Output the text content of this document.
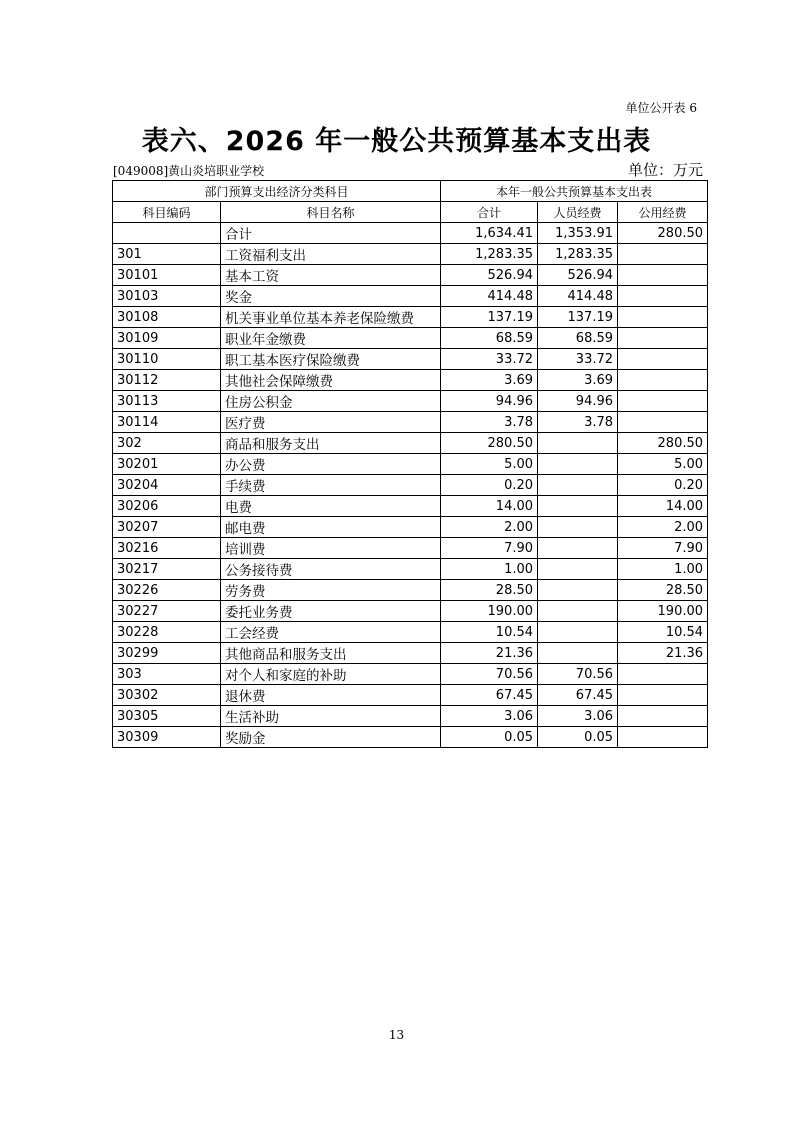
单位公开表 6
表六、2026 年一般公共预算基本支出表
[049008]黄山炎培职业学校	单位：万元
部门预算支出经济分类科目		本年一般公共预算基本支出表		
科目编码	科目名称	合计	人员经费	公用经费
	合计	1,634.41	1,353.91	280.50
301	工资福利支出	1,283.35	1,283.35	
30101	基本工资	526.94	526.94	
30103	奖金	414.48	414.48	
30108	机关事业单位基本养老保险缴费	137.19	137.19	
30109	职业年金缴费	68.59	68.59	
30110	职工基本医疗保险缴费	33.72	33.72	
30112	其他社会保障缴费	3.69	3.69	
30113	住房公积金	94.96	94.96	
30114	医疗费	3.78	3.78	
302	商品和服务支出	280.50		280.50
30201	办公费	5.00		5.00
30204	手续费	0.20		0.20
30206	电费	14.00		14.00
30207	邮电费	2.00		2.00
30216	培训费	7.90		7.90
30217	公务接待费	1.00		1.00
30226	劳务费	28.50		28.50
30227	委托业务费	190.00		190.00
30228	工会经费	10.54		10.54
30299	其他商品和服务支出	21.36		21.36
303	对个人和家庭的补助	70.56	70.56	
30302	退休费	67.45	67.45	
30305	生活补助	3.06	3.06	
30309	奖励金	0.05	0.05	
13
